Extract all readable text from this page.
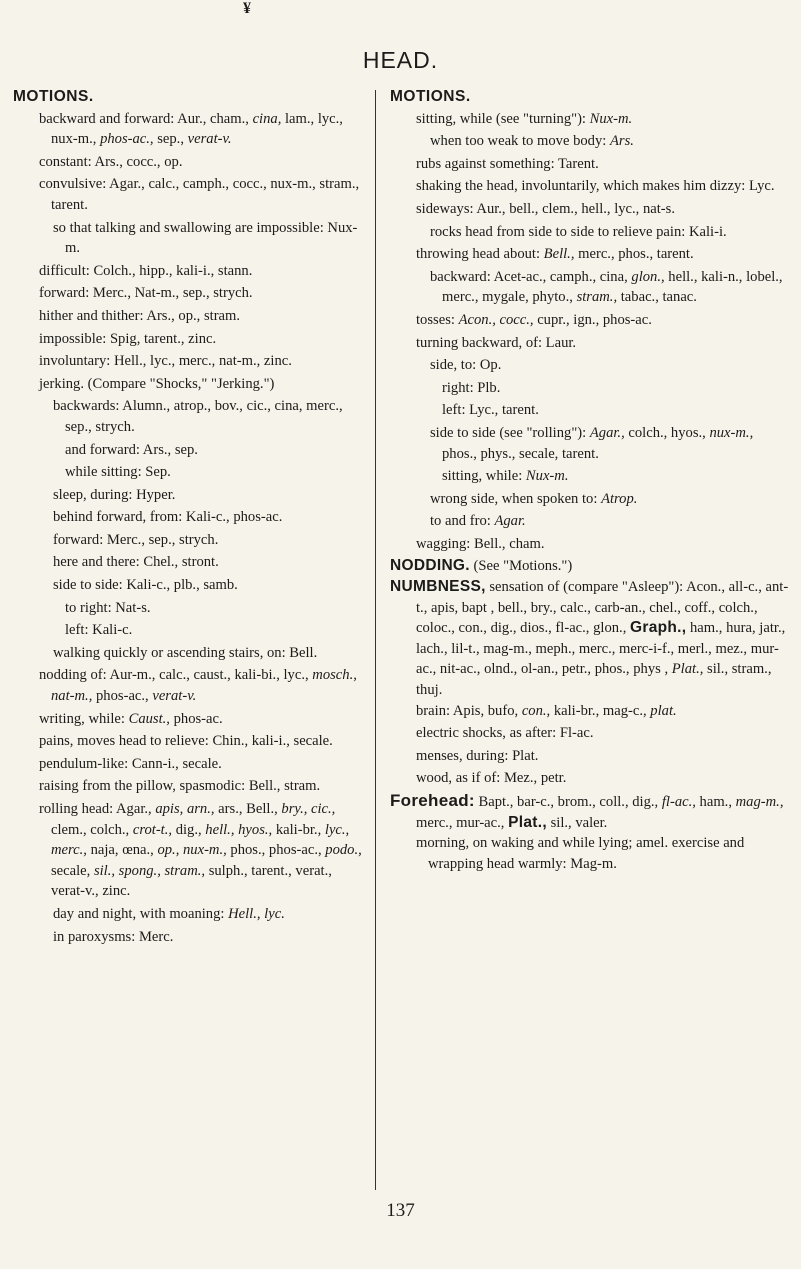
¥
HEAD.
MOTIONS.
backward and forward: Aur., cham., cina, lam., lyc., nux-m., phos-ac., sep., verat-v.
constant: Ars., cocc., op.
convulsive: Agar., calc., camph., cocc., nux-m., stram., tarent.
so that talking and swallowing are impossible: Nux-m.
difficult: Colch., hipp., kali-i., stann.
forward: Merc., Nat-m., sep., strych.
hither and thither: Ars., op., stram.
impossible: Spig, tarent., zinc.
involuntary: Hell., lyc., merc., nat-m., zinc.
jerking. (Compare "Shocks," "Jerking.")
backwards: Alumn., atrop., bov., cic., cina, merc., sep., strych.
and forward: Ars., sep.
while sitting: Sep.
sleep, during: Hyper.
behind forward, from: Kali-c., phos-ac.
forward: Merc., sep., strych.
here and there: Chel., stront.
side to side: Kali-c., plb., samb.
to right: Nat-s.
left: Kali-c.
walking quickly or ascending stairs, on: Bell.
nodding of: Aur-m., calc., caust., kali-bi., lyc., mosch., nat-m., phos-ac., verat-v.
writing, while: Caust., phos-ac.
pains, moves head to relieve: Chin., kali-i., secale.
pendulum-like: Cann-i., secale.
raising from the pillow, spasmodic: Bell., stram.
rolling head: Agar., apis, arn., ars., Bell., bry., cic., clem., colch., crot-t., dig., hell., hyos., kali-br., lyc., merc., naja, œna., op., nux-m., phos., phos-ac., podo., secale, sil., spong., stram., sulph., tarent., verat., verat-v., zinc.
day and night, with moaning: Hell., lyc.
in paroxysms: Merc.
MOTIONS.
sitting, while (see "turning"): Nux-m.
when too weak to move body: Ars.
rubs against something: Tarent.
shaking the head, involuntarily, which makes him dizzy: Lyc.
sideways: Aur., bell., clem., hell., lyc., nat-s.
rocks head from side to side to relieve pain: Kali-i.
throwing head about: Bell., merc., phos., tarent.
backward: Acet-ac., camph., cina, glon., hell., kali-n., lobel., merc., mygale, phyto., stram., tabac., tanac.
tosses: Acon., cocc., cupr., ign., phos-ac.
turning backward, of: Laur.
side, to: Op.
right: Plb.
left: Lyc., tarent.
side to side (see "rolling"): Agar., colch., hyos., nux-m., phos., phys., secale, tarent.
sitting, while: Nux-m.
wrong side, when spoken to: Atrop.
to and fro: Agar.
wagging: Bell., cham.
NODDING. (See "Motions.")
NUMBNESS, sensation of (compare "Asleep"): Acon., all-c., ant-t., apis, bapt , bell., bry., calc., carb-an., chel., coff., colch., coloc., con., dig., dios., fl-ac., glon., Graph., ham., hura, jatr., lach., lil-t., mag-m., meph., merc., merc-i-f., merl., mez., mur-ac., nit-ac., olnd., ol-an., petr., phos., phys , Plat., sil., stram., thuj.
brain: Apis, bufo, con., kali-br., mag-c., plat.
electric shocks, as after: Fl-ac.
menses, during: Plat.
wood, as if of: Mez., petr.
Forehead: Bapt., bar-c., brom., coll., dig., fl-ac., ham., mag-m., merc., mur-ac., Plat., sil., valer.
morning, on waking and while lying; amel. exercise and wrapping head warmly: Mag-m.
137
